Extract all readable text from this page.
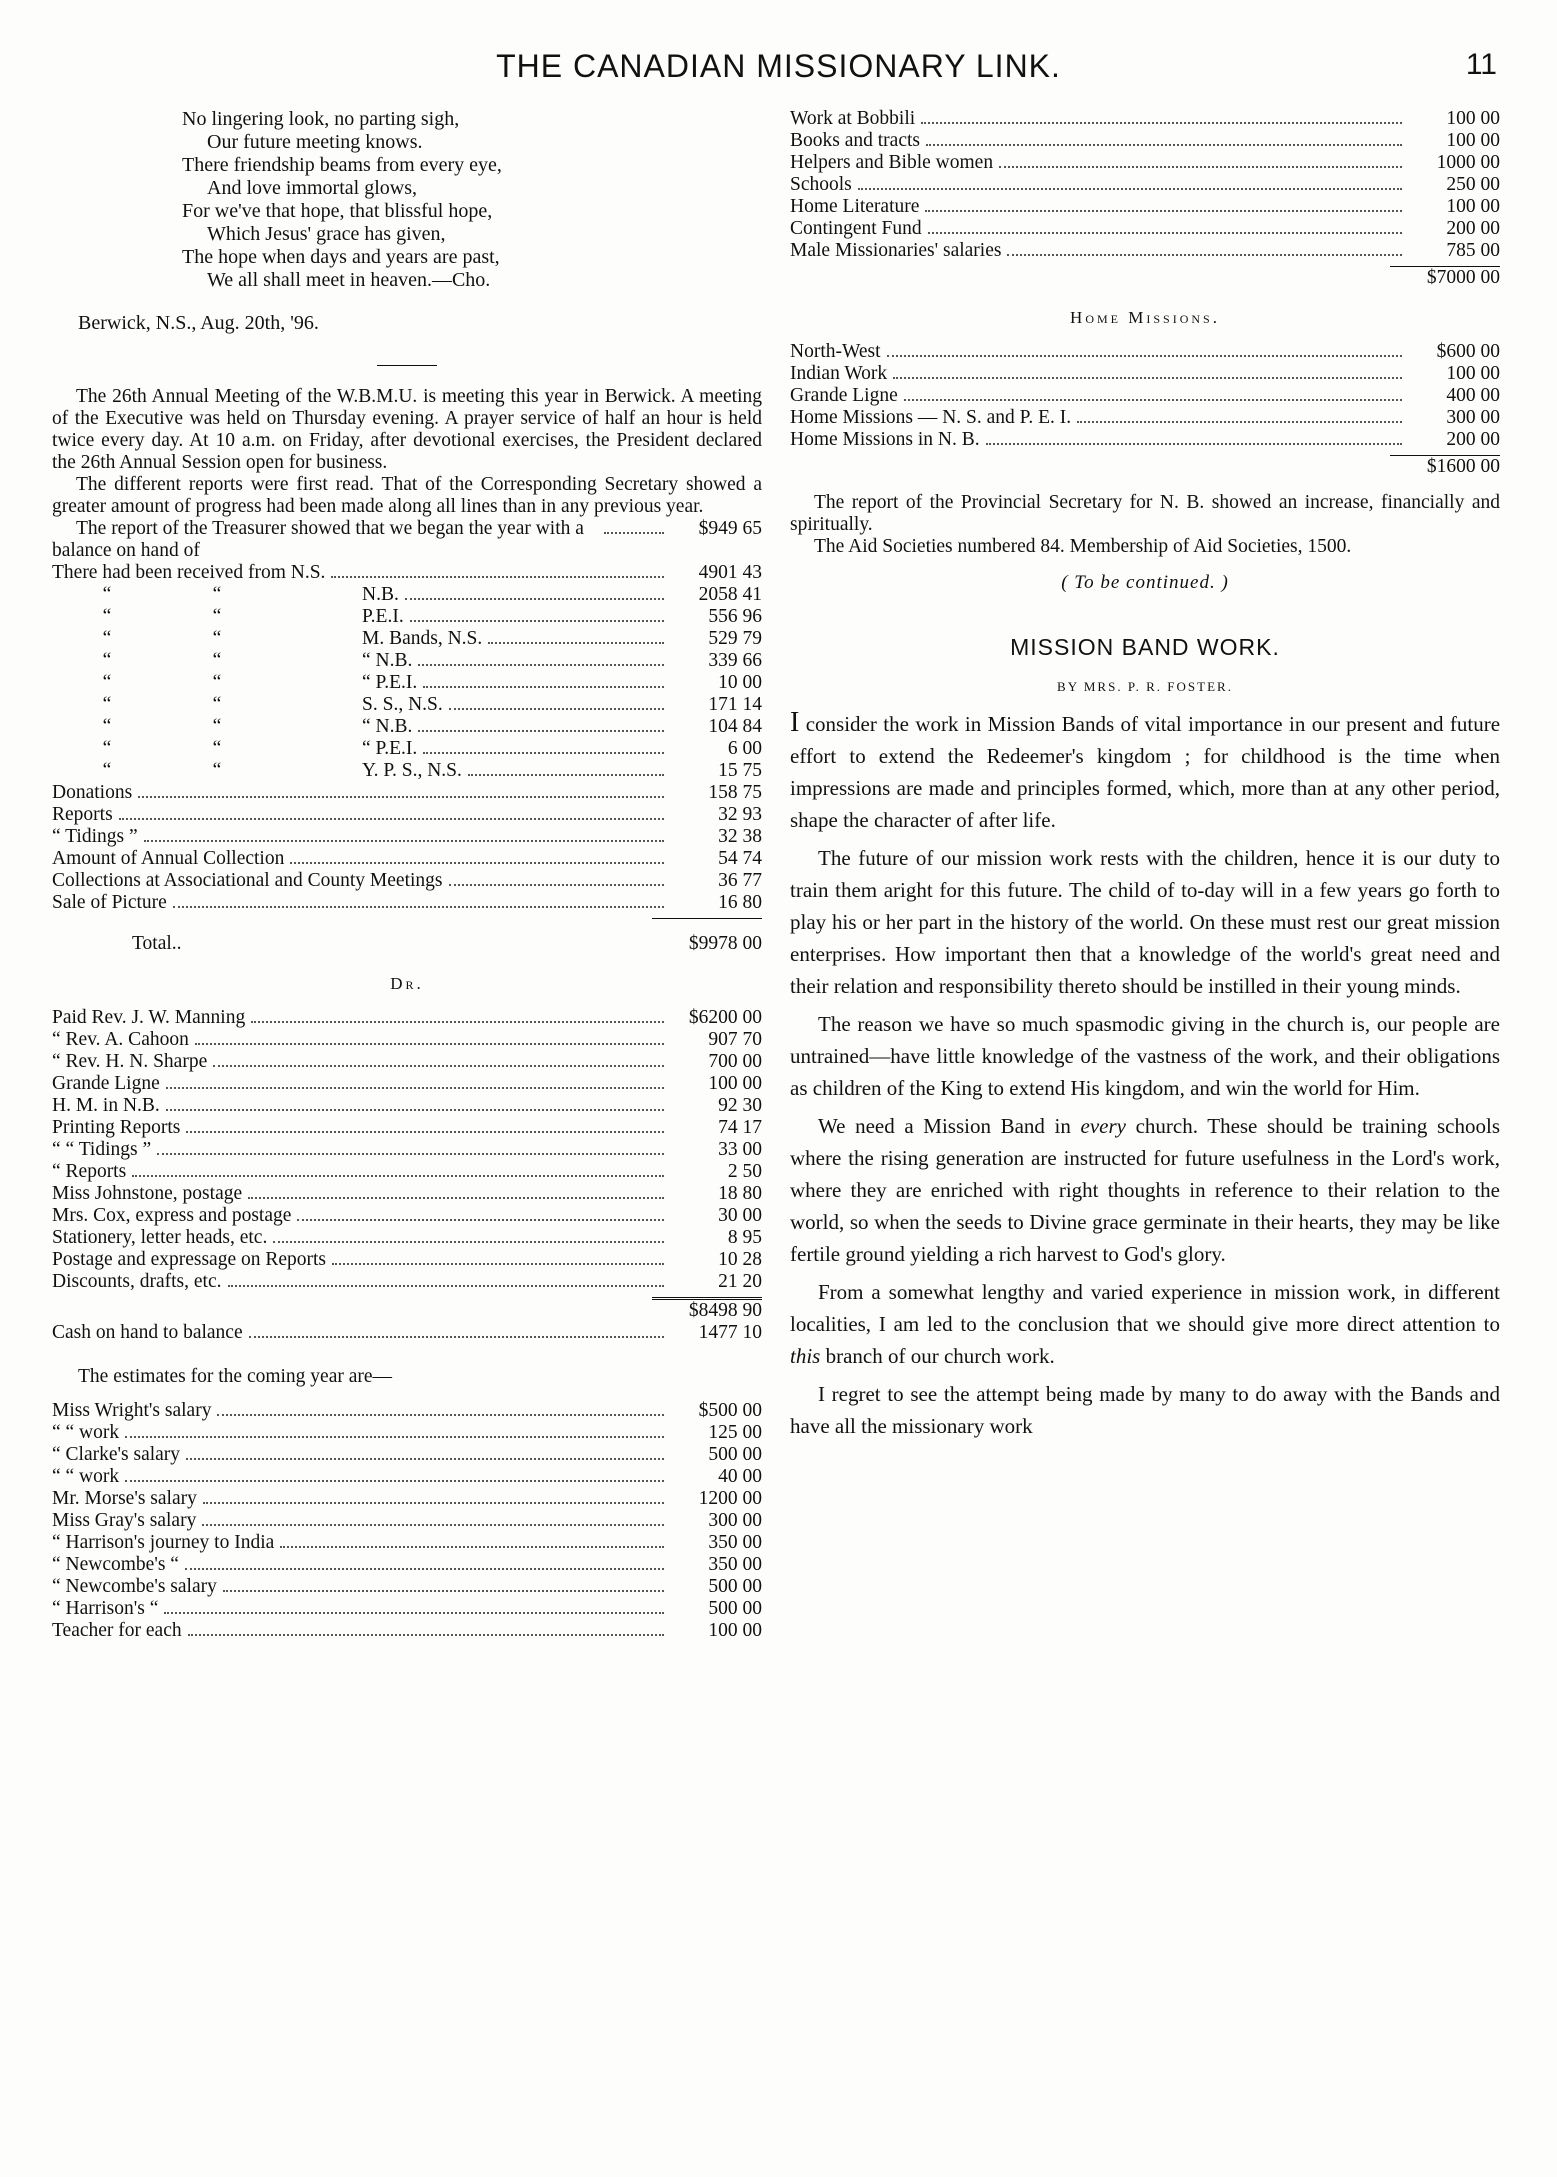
THE CANADIAN MISSIONARY LINK.	11
No lingering look, no parting sigh,
Our future meeting knows.
There friendship beams from every eye,
And love immortal glows,
For we've that hope, that blissful hope,
Which Jesus' grace has given,
The hope when days and years are past,
We all shall meet in heaven.—Cho.
Berwick, N.S., Aug. 20th, '96.

The 26th Annual Meeting of the W.B.M.U. is meeting this year in Berwick. A meeting of the Executive was held on Thursday evening. A prayer service of half an hour is held twice every day. At 10 a.m. on Friday, after devotional exercises, the President declared the 26th Annual Session open for business.

The different reports were first read. That of the Corresponding Secretary showed a greater amount of progress had been made along all lines than in any previous year.

The report of the Treasurer showed that we began the year with a balance on hand of
$949 65
There had been received from N.S.	4901 43
“	“	N.B.	2058 41
“	“	P.E.I.	556 96
“	“	M. Bands, N.S.	529 79
“	“	“ N.B.	339 66
“	“	“ P.E.I.	10 00
“	“	S. S., N.S.	171 14
“	“	“ N.B.	104 84
“	“	“ P.E.I.	6 00
“	“	Y. P. S., N.S.	15 75
Donations	158 75
Reports	32 93
“ Tidings ”	32 38
Amount of Annual Collection	54 74
Collections at Associational and County Meetings	36 77
Sale of Picture	16 80
Total..	$9978 00
Dr.
Paid Rev. J. W. Manning	$6200 00
“ Rev. A. Cahoon	907 70
“ Rev. H. N. Sharpe	700 00
Grande Ligne	100 00
H. M. in N.B.	92 30
Printing Reports	74 17
“ “ Tidings ”	33 00
“ Reports	2 50
Miss Johnstone, postage	18 80
Mrs. Cox, express and postage	30 00
Stationery, letter heads, etc.	8 95
Postage and expressage on Reports	10 28
Discounts, drafts, etc.	21 20
$8498 90
Cash on hand to balance	1477 10
The estimates for the coming year are—
Miss Wright's salary	$500 00
“ “ work	125 00
“ Clarke's salary	500 00
“ “ work	40 00
Mr. Morse's salary	1200 00
Miss Gray's salary	300 00
“ Harrison's journey to India	350 00
“ Newcombe's “	350 00
“ Newcombe's salary	500 00
“ Harrison's “	500 00
Teacher for each	100 00
Work at Bobbili	100 00
Books and tracts	100 00
Helpers and Bible women	1000 00
Schools	250 00
Home Literature	100 00
Contingent Fund	200 00
Male Missionaries' salaries	785 00
$7000 00
Home Missions.
North-West	$600 00
Indian Work	100 00
Grande Ligne	400 00
Home Missions — N. S. and P. E. I.	300 00
Home Missions in N. B.	200 00
$1600 00

The report of the Provincial Secretary for N. B. showed an increase, financially and spiritually.

The Aid Societies numbered 84. Membership of Aid Societies, 1500.

( To be continued. )
MISSION BAND WORK.
BY MRS. P. R. FOSTER.

I consider the work in Mission Bands of vital importance in our present and future effort to extend the Redeemer's kingdom ; for childhood is the time when impressions are made and principles formed, which, more than at any other period, shape the character of after life.

The future of our mission work rests with the children, hence it is our duty to train them aright for this future. The child of to-day will in a few years go forth to play his or her part in the history of the world. On these must rest our great mission enterprises. How important then that a knowledge of the world's great need and their relation and responsibility thereto should be instilled in their young minds.

The reason we have so much spasmodic giving in the church is, our people are untrained—have little knowledge of the vastness of the work, and their obligations as children of the King to extend His kingdom, and win the world for Him.

We need a Mission Band in every church. These should be training schools where the rising generation are instructed for future usefulness in the Lord's work, where they are enriched with right thoughts in reference to their relation to the world, so when the seeds to Divine grace germinate in their hearts, they may be like fertile ground yielding a rich harvest to God's glory.

From a somewhat lengthy and varied experience in mission work, in different localities, I am led to the conclusion that we should give more direct attention to this branch of our church work.

I regret to see the attempt being made by many to do away with the Bands and have all the missionary work
